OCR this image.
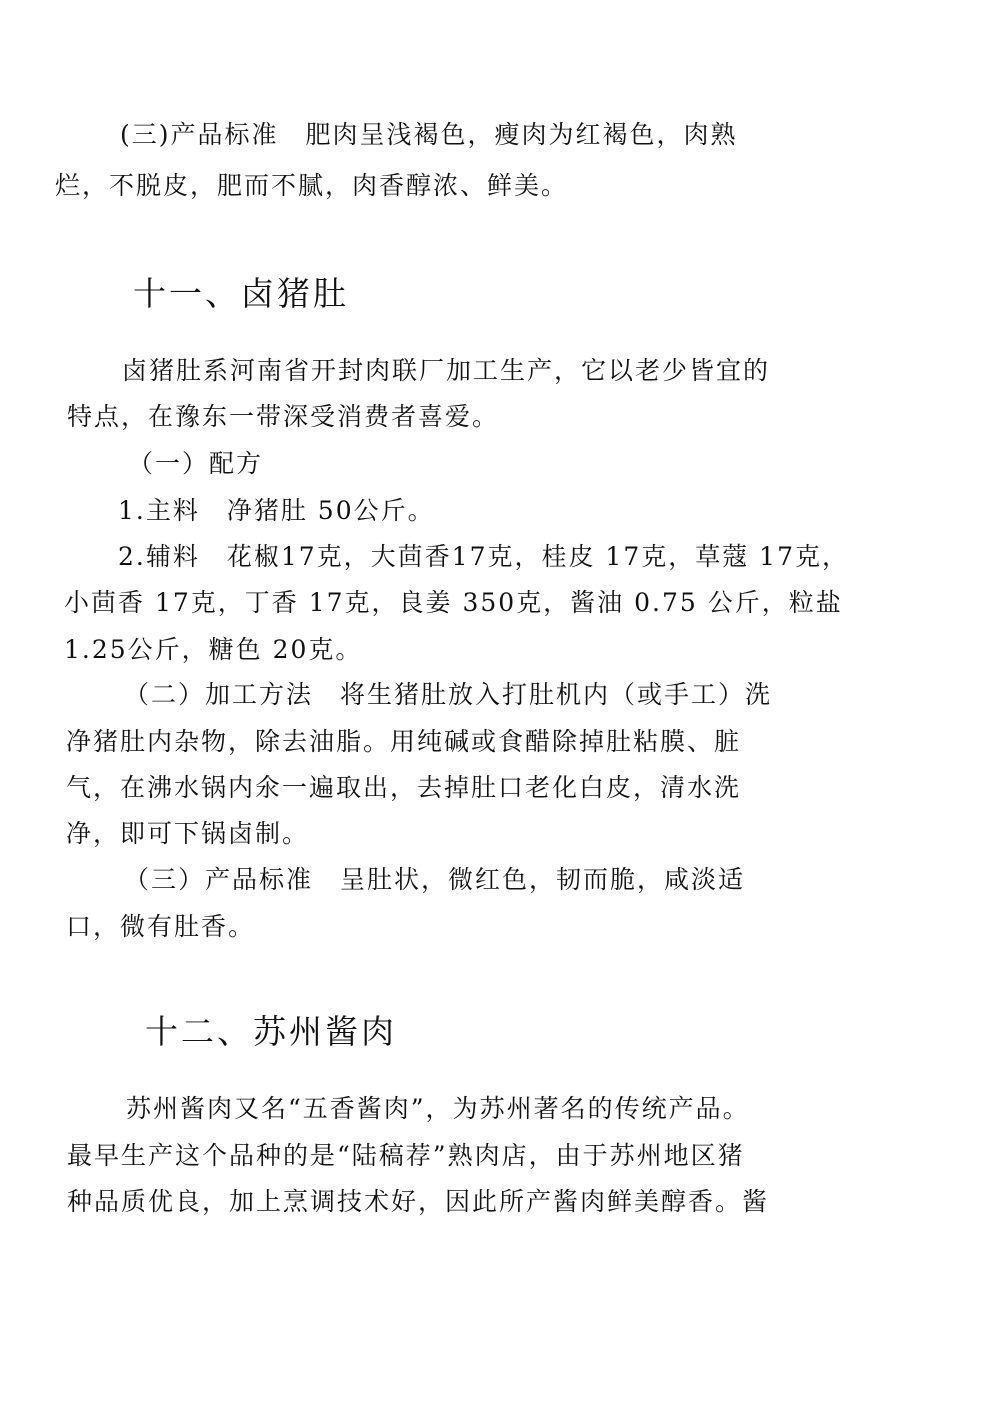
(三)产品标准　肥肉呈浅褐色，瘦肉为红褐色，肉熟
烂，不脱皮，肥而不腻，肉香醇浓、鲜美。
十一、卤猪肚
卤猪肚系河南省开封肉联厂加工生产，它以老少皆宜的
特点，在豫东一带深受消费者喜爱。
（一）配方
1.主料　净猪肚 50公斤。
2.辅料　花椒17克，大茴香17克，桂皮 17克，草蔻 17克，
小茴香 17克，丁香 17克，良姜 350克，酱油 0.75 公斤，粒盐
1.25公斤，糖色 20克。
（二）加工方法　将生猪肚放入打肚机内（或手工）洗
净猪肚内杂物，除去油脂。用纯碱或食醋除掉肚粘膜、脏
气，在沸水锅内氽一遍取出，去掉肚口老化白皮，清水洗
净，即可下锅卤制。
（三）产品标准　呈肚状，微红色，韧而脆，咸淡适
口，微有肚香。
十二、苏州酱肉
苏州酱肉又名“五香酱肉”，为苏州著名的传统产品。
最早生产这个品种的是“陆稿荐”熟肉店，由于苏州地区猪
种品质优良，加上烹调技术好，因此所产酱肉鲜美醇香。酱
